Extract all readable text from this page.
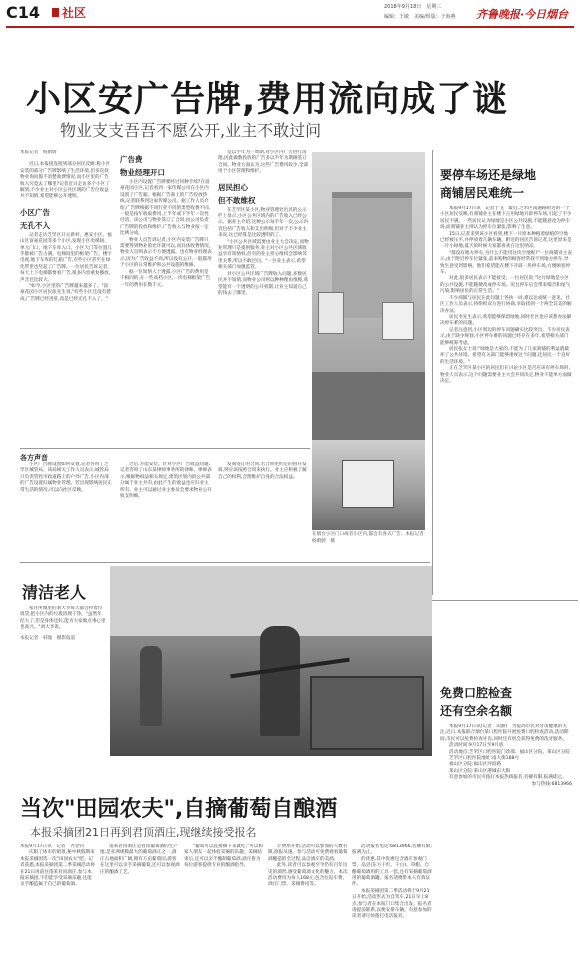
C14 社区	2018年9月18日　星期三
编辑：王敏　美编/组版：于海燕 齐鲁晚报·今日烟台
小区安广告牌,费用流向成了谜
物业支支吾吾不愿公开,业主不敢过问
本报记者　杨蔚蔚

近日,本报接连接到部分居民反映:称小区安装的部分广告牌影响了生活环境,但多次找物业询问都不清楚收费情况,而小区里的广告收入究竟去了哪里?记者近日走访多个小区了解到,不少业主对小区公共区域的广告位收益并不知情,希望能够公开透明。

小区广告
无孔不入

记者走访芝罘区开元新村、惠安小区、福山区富豪花园等多个小区,发现小区电梯间、单元门口、地下车库入口、小区大门等位置几乎都被广告占满。电梯间里的框架广告、楼宇电视,地下车库的灯箱广告,有些小区甚至在绿化带里也竖起了广告牌。一位居民告诉记者,每天上下电梯都要看广告,很多内容重复播放,声音还比较大。

"如今,小区里的广告牌越来越多了。"富豪花园小区居民张先生说,"有些小区还没有建成,广告牌已经进驻,真是已经无孔不入了。"

广告费
物业经理开口

小区内设置广告牌要经过何种手续?在富豪花园小区,记者看到一家传媒公司在小区内设置了广告箱。根据广告商上的广告投放热线,记者联系到这家传媒公司。据工作人员介绍,广告牌根据不同行业不同的类型收费不同,一般是按年收取费用,上半年或下半年一次性付清。该公司与物业签订了合同,由公司负责广告牌的投放和维护,广告收入与物业按一定比例分成。

物业人员告诉记者,小区内安装广告牌只需要得到物业的允许就可以,而具体收费情况,物业人员则表示不方便透露。也有物业经理表示,因为广告收益不高,所以没有公开,一般都用于小区的日常维护和公共设施的维修。

据一位知情人士透露,小区广告的费用是不相同的,在一些高档小区,一块电梯框架广告一年的费用在数千元。

是以半年为一周期,对小区内广告进行清理,因此做数投放的广告多以半年为期限签订合同。物业方面认为,这些广告费用较少,全部用于小区管理和维护。

居民担心
但不敢维权

在芝罘区某小区,物业管理处出具的公示栏上显示,小区公共区域内的广告收入已经公示。据业主介绍,这种公示每半年一次,公示内容包括广告收入和支出明细,但对于不少业主来说,这已经算是比较透明的了。

"小区公共区域需要由业主大会决定,而物业管理只是提供服务,业主对小区公共区域收益享有知情权,但有的业主担心维权会影响邻里关系,所以不敢过问。"一位业主表示,希望相关部门加强监管。

对小区公共区域广告牌收入问题,多数居民并不知情,而物业公司则以种种理由推脱,希望能有一个透明的公开机制,让业主知道自己的钱去了哪里。

在烟台小区门口或者小区内,都会有各式广告。本报记者　杨蔚蔚　摄
各方声音

小区广告牌设置如何安置,记者咨询了芝罘区城管局。该局相关工作人员表示,城管局只负责管控市政道路上的户外广告,小区内部的广告设置归属物业管理。若出现影响居民正常生活的情况,可以向社区反映。

过后,方能安装。针对小区广告收益问题,记者咨询了山东某律师事务所的律师。律师表示,根据物权法相关规定,建筑区划内的公共部分属于业主共有,由此产生的收益也应归业主所有。业主可以通过业主委员会要求物业公开收支明细。

发商签订的合同,若合同里约定的由开发商,则应该按照合同来执行。业主应积极了解自己的权利,合理维护自身的合法权益。

要停车场还是绿地
商铺居民难统一

本报9月17日讯　记者于飞　最近,芝罘区南通路附近的一个小区居民反映,有商铺业主在楼下占用绿地开辟停车场,引起了不少居民不满。一些居民认为绿地是小区公共设施,不能随意改为停车场,而商铺业主则认为停车位紧张,影响了生意。

15日,记者来到该小区看到,楼下一片原本种植着绿植的空地已经被压平,并停放着几辆车辆。附近的居民告诉记者,这里原来是一片小绿地,夏天的时候大家都喜欢在这里纳凉。

"都没有地方停车,为什么不能用这块空地呢?"一位商铺业主表示,由于附近停车位紧张,前来购物的顾客经常找不到地方停车,导致生意受到影响。他们希望能在楼下开辟一块停车场,方便顾客停车。

对此,很多居民表示不能接受。一位居民说:"这片绿地是小区的公共设施,不能随便改成停车场。况且停车后会带来噪音和尾气污染,影响居民的正常生活。"

不少商铺与居民在此问题上各执一词,难以达成统一意见。社区工作人员表示,将组织双方进行协商,争取找到一个两全其美的解决办法。

居民李先生表示,希望能够保留绿地,同时社区也应该想办法解决停车难的问题。

记者注意到,小区周边的停车问题确实比较突出。不少居民表示,由于缺少规划,小区停车难的问题已经存在多年,希望相关部门能够统筹考虑。

居民张女士说:"绿地是大家的,不能为了几家商铺的利益就破坏了公共环境。希望有关部门能够重视这个问题,还居民一个良好的生活环境。"

正在芝罘区某小区的居民们在讨论小区是否应该有停车场时,物业人员表示,这个问题需要业主大会共同决定,物业不能单方面做决定。

清洁老人

家住所城里的刘大爷每天都会拎着垃圾袋,把小区内的垃圾清理干净。"虽然年纪大了,但是身体还好,能为大家做点事心里也高兴。"刘大爷说。

本报记者　韩逸　摄影报道
免费口腔检查
还有空余名额

本报9月17日讯(记者　田甜)　为提高市民对牙齿健康的关注,近日,本报联合烟台某口腔医院开展免费口腔检查活动,活动期间,市民可以免费检查牙齿,同时还有机会获得免费的洗牙服务。

活动时间:9月17日至9月底

活动地点:芝罘区口腔医院门诊部、福山区分院、莱山区分院

芝罘区口腔医院地址:南大街188号

福山区分院:福山区河滨路

莱山区分院:莱山区港城东大街

有意参加的市民可拨打本报热线报名,名额有限,报满即止。

参与热线:6813966

当次"田园农夫",自摘葡萄自酿酒
本报采摘团21日再到君顶酒庄,现继续接受报名
本报9月17日讯　记者　齐金钊

庆阳了体市的暗蒸,秘中秋假期来本报采摘团选一次"田园农夫"吧。记者获悉,本报采摘团第二季采摘活动将在21日再前往蓬莱君顶酒庄,参与本报采摘团,不但能享受采摘乐趣,还能亲手酿造属于自己的葡萄酒。

蓬莱君顶酒庄是君顶葡萄酒的生产地,是亚洲规模最大的葡萄酒庄之一,酒庄占地面积广阔,拥有万亩葡萄园,游客在这里可以亲手采摘葡萄,还可以参观酒庄的酿酒工艺。

"葡萄可以直接摘下来就吃,"可以和家人朋友一起体验采摘的乐趣。采摘结束后,还可以亲手酿制葡萄酒,酒庄将为每位游客提供专业的酿酒指导。

计费用开始,活动可以参加的人数有限,欲报从速。参与活动可免费观看葡萄酒酿造的全过程,品尝酒庄的美酒。

此外,读者可以参观至今仍有百年历史的酒窖,感受葡萄酒文化的魅力。本次活动费用为每人168元,包含往返车费、酒庄门票、采摘费用等。

活动报名电话:6813966,名额有限,报满为止。

的优惠,其中优惠包含酒庄参观门票、品尝(东方干红、干白)、草帽、自酿葡萄酒用的工具一套,还有采摘葡萄酒用的葡萄酒罐。报名请携带本人有效证件。

本报采摘团第二季活动将于9月21日开始,活动形式为自驾车,21日早上8点,参与者在本报门口集合出发。报名者请提前联系,以便安排车辆。有意参加的读者请尽快拨打电话报名。
